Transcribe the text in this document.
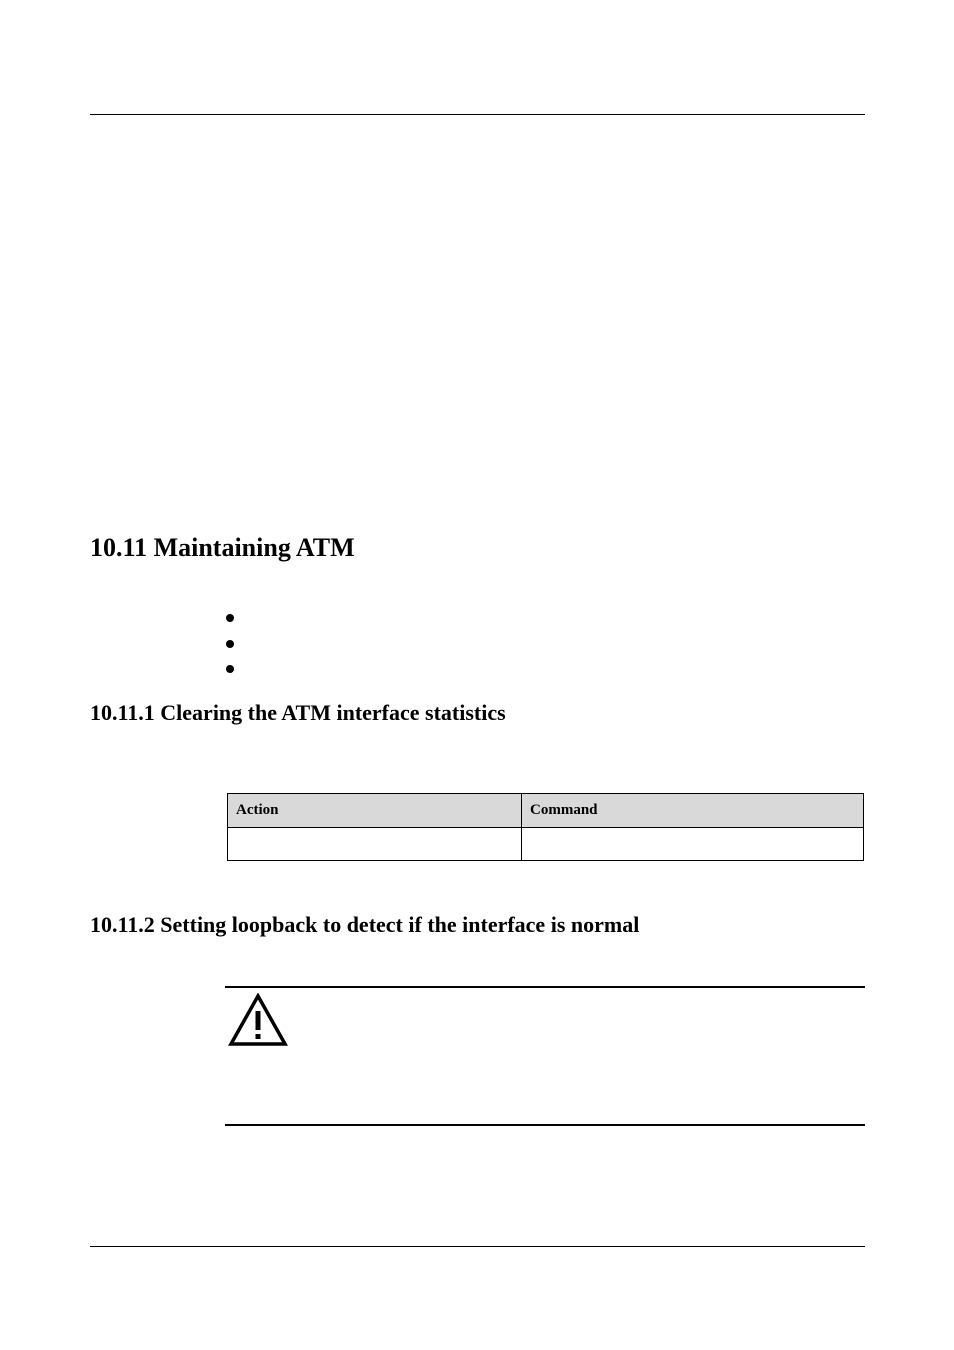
10.11 Maintaining ATM
10.11.1 Clearing the ATM interface statistics
Action	Command

10.11.2 Setting loopback to detect if the interface is normal
